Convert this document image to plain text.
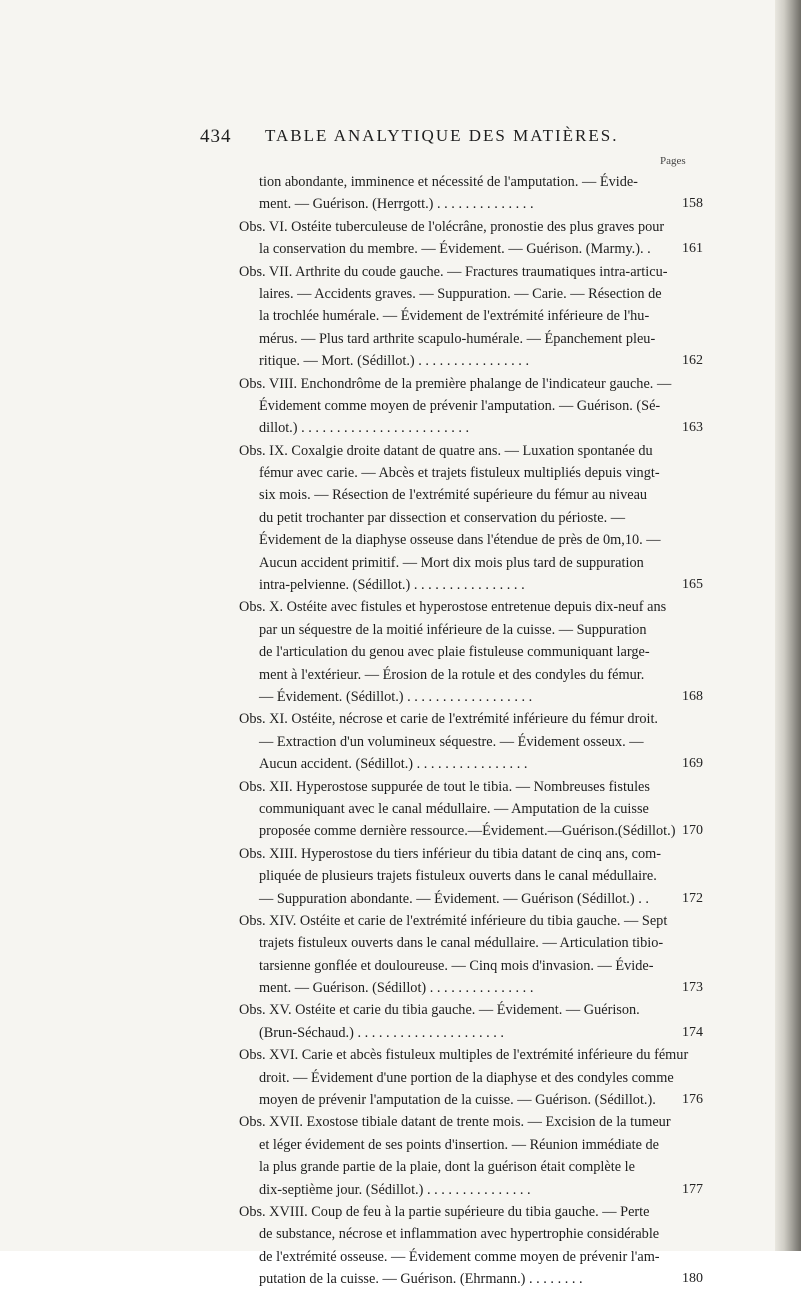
434 TABLE ANALYTIQUE DES MATIÈRES.
Pages
tion abondante, imminence et nécessité de l'amputation. — Évide-
ment. — Guérison. (Herrgott.) . . . . . . . . . . . . . .	158
Obs. VI. Ostéite tuberculeuse de l'olécrâne, pronostie des plus graves pour
la conservation du membre. — Évidement. — Guérison. (Marmy.). .	161
Obs. VII. Arthrite du coude gauche. — Fractures traumatiques intra-articu-
laires. — Accidents graves. — Suppuration. — Carie. — Résection de
la trochlée humérale. — Évidement de l'extrémité inférieure de l'hu-
mérus. — Plus tard arthrite scapulo-humérale. — Épanchement pleu-
ritique. — Mort. (Sédillot.) . . . . . . . . . . . . . . . .	162
Obs. VIII. Enchondrôme de la première phalange de l'indicateur gauche. —
Évidement comme moyen de prévenir l'amputation. — Guérison. (Sé-
dillot.) . . . . . . . . . . . . . . . . . . . . . . . .	163
Obs. IX. Coxalgie droite datant de quatre ans. — Luxation spontanée du
fémur avec carie. — Abcès et trajets fistuleux multipliés depuis vingt-
six mois. — Résection de l'extrémité supérieure du fémur au niveau
du petit trochanter par dissection et conservation du périoste. —
Évidement de la diaphyse osseuse dans l'étendue de près de 0m,10. —
Aucun accident primitif. — Mort dix mois plus tard de suppuration
intra-pelvienne. (Sédillot.) . . . . . . . . . . . . . . . .	165
Obs. X. Ostéite avec fistules et hyperostose entretenue depuis dix-neuf ans
par un séquestre de la moitié inférieure de la cuisse. — Suppuration
de l'articulation du genou avec plaie fistuleuse communiquant large-
ment à l'extérieur. — Érosion de la rotule et des condyles du fémur.
— Évidement. (Sédillot.) . . . . . . . . . . . . . . . . . .	168
Obs. XI. Ostéite, nécrose et carie de l'extrémité inférieure du fémur droit.
— Extraction d'un volumineux séquestre. — Évidement osseux. —
Aucun accident. (Sédillot.) . . . . . . . . . . . . . . . .	169
Obs. XII. Hyperostose suppurée de tout le tibia. — Nombreuses fistules
communiquant avec le canal médullaire. — Amputation de la cuisse
proposée comme dernière ressource.—Évidement.—Guérison.(Sédillot.) 170
Obs. XIII. Hyperostose du tiers inférieur du tibia datant de cinq ans, com-
pliquée de plusieurs trajets fistuleux ouverts dans le canal médullaire.
— Suppuration abondante. — Évidement. — Guérison (Sédillot.) . .	172
Obs. XIV. Ostéite et carie de l'extrémité inférieure du tibia gauche. — Sept
trajets fistuleux ouverts dans le canal médullaire. — Articulation tibio-
tarsienne gonflée et douloureuse. — Cinq mois d'invasion. — Évide-
ment. — Guérison. (Sédillot) . . . . . . . . . . . . . . .	173
Obs. XV. Ostéite et carie du tibia gauche. — Évidement. — Guérison.
(Brun-Séchaud.) . . . . . . . . . . . . . . . . . . . . .	174
Obs. XVI. Carie et abcès fistuleux multiples de l'extrémité inférieure du fémur
droit. — Évidement d'une portion de la diaphyse et des condyles comme
moyen de prévenir l'amputation de la cuisse. — Guérison. (Sédillot.).	176
Obs. XVII. Exostose tibiale datant de trente mois. — Excision de la tumeur
et léger évidement de ses points d'insertion. — Réunion immédiate de
la plus grande partie de la plaie, dont la guérison était complète le
dix-septième jour. (Sédillot.) . . . . . . . . . . . . . . .	177
Obs. XVIII. Coup de feu à la partie supérieure du tibia gauche. — Perte
de substance, nécrose et inflammation avec hypertrophie considérable
de l'extrémité osseuse. — Évidement comme moyen de prévenir l'am-
putation de la cuisse. — Guérison. (Ehrmann.) . . . . . . . .	180
